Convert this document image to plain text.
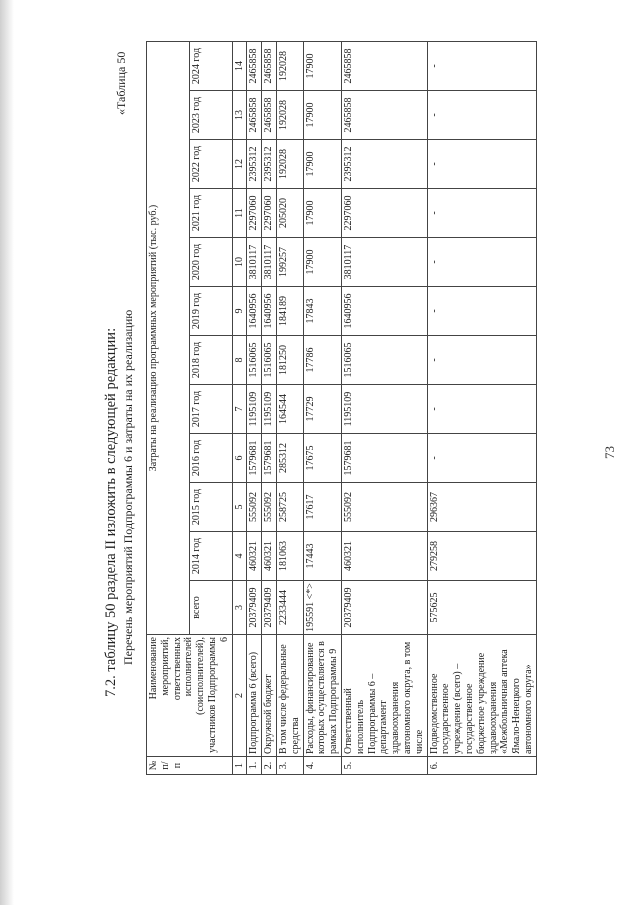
73
7.2. таблицу 50 раздела II изложить в следующей редакции:
«Таблица 50
Перечень мероприятий Подпрограммы 6 и затраты на их реализацию
№ п/п	Наименование мероприятий, ответственных исполнителей (соисполнителей), участников Подпрограммы 6	Затраты на реализацию программных мероприятий (тыс. руб.)											
		всего	2014 год	2015 год	2016 год	2017 год	2018 год	2019 год	2020 год	2021 год	2022 год	2023 год	2024 год
1	2	3	4	5	6	7	8	9	10	11	12	13	14
1.	Подпрограмма 6 (всего)	20379409	460321	555092	1579681	1195109	1516065	1640956	3810117	2297060	2395312	2465858	2465858
2.	Окружной бюджет	20379409	460321	555092	1579681	1195109	1516065	1640956	3810117	2297060	2395312	2465858	2465858
3.	В том числе федеральные средства	2233444	181063	258725	285312	164544	181250	184189	199257	205020	192028	192028	192028
4.	Расходы, финансирование которых осуществляется в рамках Подпрограммы 9	195591 <*>	17443	17617	17675	17729	17786	17843	17900	17900	17900	17900	17900
5.	Ответственный исполнитель Подпрограммы 6 – департамент здравоохранения автономного округа, в том числе	20379409	460321	555092	1579681	1195109	1516065	1640956	3810117	2297060	2395312	2465858	2465858
6.	Подведомственное государственное учреждение (всего) – государственное бюджетное учреждение здравоохранения «Межбольничная аптека Ямало-Ненецкого автономного округа»	575625	279258	296367	-	-	-	-	-	-	-	-	-
